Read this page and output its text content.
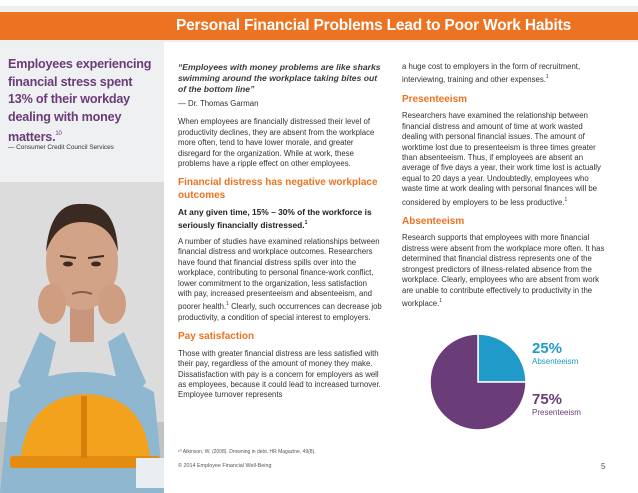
Personal Financial Problems Lead to Poor Work Habits
Employees experiencing financial stress spent 13% of their workday dealing with money matters.$^{10}$
— Consumer Credit Council Services
“Employees with money problems are like sharks swimming around the workplace taking bites out of the bottom line”
— Dr. Thomas Garman

When employees are financially distressed their level of productivity declines, they are absent from the workplace more often, tend to have lower morale, and greater disregard for the organization. While at work, these problems have a ripple effect on other employees.

Financial distress has negative workplace outcomes
At any given time, 15% – 30% of the workforce is seriously financially distressed.$^1$

A number of studies have examined relationships between financial distress and workplace outcomes. Researchers have found that financial distress spills over into the workplace, contributing to personal finance-work conflict, lower commitment to the organization, less satisfaction with pay, increased presenteeism and absenteeism, and poorer health.$^1$ Clearly, such occurrences can decrease job productivity, a condition of special interest to employers.

Pay satisfaction

Those with greater financial distress are less satisfied with their pay, regardless of the amount of money they make. Dissatisfaction with pay is a concern for employers as well as employees, because it could lead to increased turnover. Employee turnover represents

a huge cost to employers in the form of recruitment, interviewing, training and other expenses.$^1$

Presenteeism

Researchers have examined the relationship between financial distress and amount of time at work wasted dealing with personal financial issues. The amount of worktime lost due to presenteeism is three times greater than absenteeism. Thus, if employees are absent an average of five days a year, their work time lost is actually equal to 20 days a year. Undoubtedly, employees who waste time at work dealing with personal finances will be considered by employers to be less productive.$^1$

Absenteeism

Research supports that employees with more financial distress were absent from the workplace more often. It has determined that financial distress represents one of the strongest predictors of illness-related absence from the workplace. Clearly, employees who are absent from work are unable to contribute effectively to productivity in the workplace.$^1$

25%
Absenteeism
75%
Presenteeism
¹⁰ Atkinson, W. (2008). Drowning in debt. HR Magazine, 49(8).
© 2014 Employee Financial Well-Being	5
